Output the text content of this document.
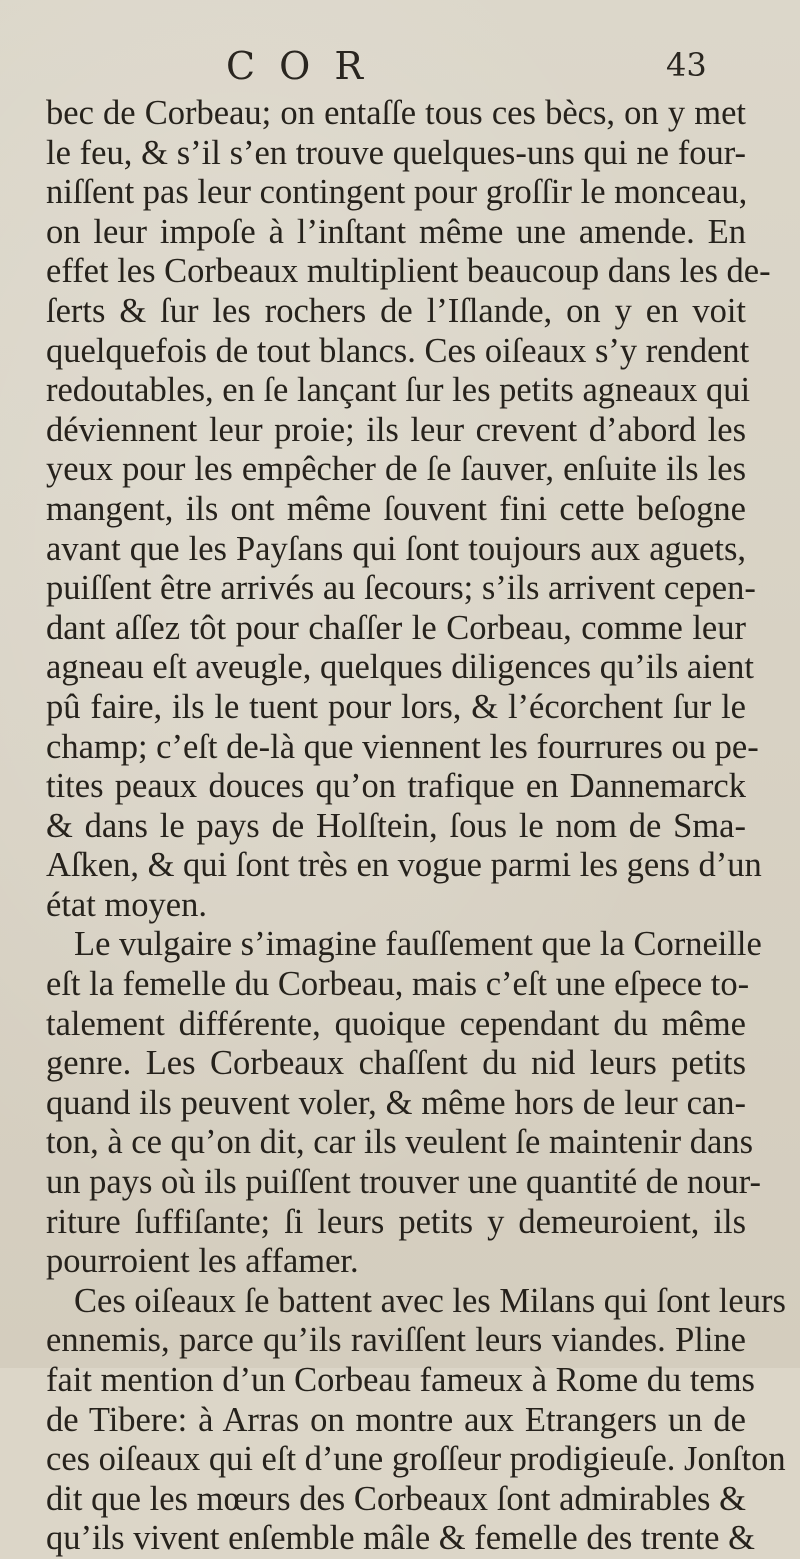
C O R	43
bec de Corbeau; on entaſſe tous ces bècs, on y met
le feu, & s’il s’en trouve quelques-uns qui ne four-
niſſent pas leur contingent pour groſſir le monceau,
on leur impoſe à l’inſtant même une amende. En
effet les Corbeaux multiplient beaucoup dans les de-
ſerts & ſur les rochers de l’Iſlande, on y en voit
quelquefois de tout blancs. Ces oiſeaux s’y rendent
redoutables, en ſe lançant ſur les petits agneaux qui
déviennent leur proie; ils leur crevent d’abord les
yeux pour les empêcher de ſe ſauver, enſuite ils les
mangent, ils ont même ſouvent fini cette beſogne
avant que les Payſans qui ſont toujours aux aguets,
puiſſent être arrivés au ſecours; s’ils arrivent cepen-
dant aſſez tôt pour chaſſer le Corbeau, comme leur
agneau eſt aveugle, quelques diligences qu’ils aient
pû faire, ils le tuent pour lors, & l’écorchent ſur le
champ; c’eſt de-là que viennent les fourrures ou pe-
tites peaux douces qu’on trafique en Dannemarck
& dans le pays de Holſtein, ſous le nom de Sma-
Aſken, & qui ſont très en vogue parmi les gens d’un
état moyen.
Le vulgaire s’imagine fauſſement que la Corneille
eſt la femelle du Corbeau, mais c’eſt une eſpece to-
talement différente, quoique cependant du même
genre. Les Corbeaux chaſſent du nid leurs petits
quand ils peuvent voler, & même hors de leur can-
ton, à ce qu’on dit, car ils veulent ſe maintenir dans
un pays où ils puiſſent trouver une quantité de nour-
riture ſuffiſante; ſi leurs petits y demeuroient, ils
pourroient les affamer.
Ces oiſeaux ſe battent avec les Milans qui ſont leurs
ennemis, parce qu’ils raviſſent leurs viandes. Pline
fait mention d’un Corbeau fameux à Rome du tems
de Tibere: à Arras on montre aux Etrangers un de
ces oiſeaux qui eſt d’une groſſeur prodigieuſe. Jonſton
dit que les mœurs des Corbeaux ſont admirables &
qu’ils vivent enſemble mâle & femelle des trente &
